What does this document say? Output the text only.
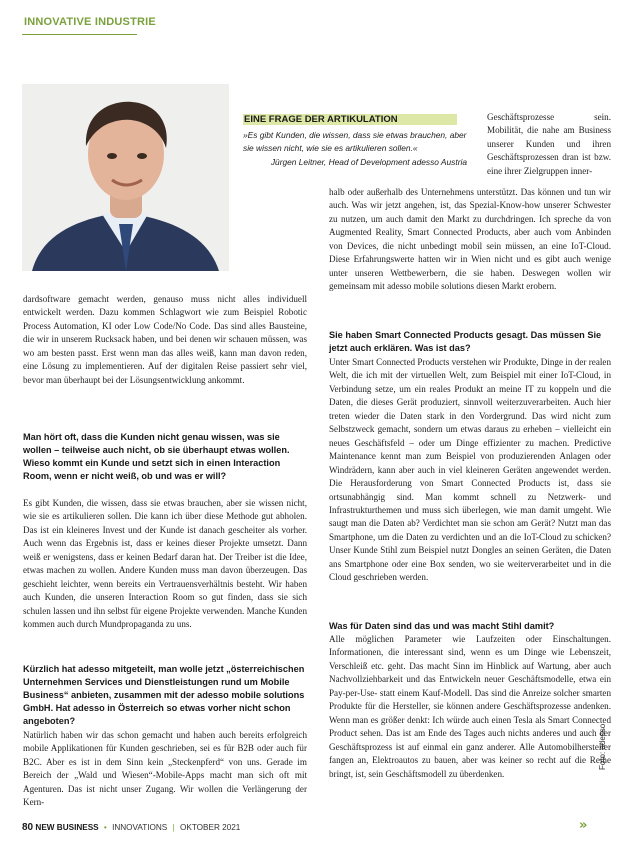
INNOVATIVE INDUSTRIE
EINE FRAGE DER ARTIKULATION
»Es gibt Kunden, die wissen, dass sie etwas brauchen, aber sie wissen nicht, wie sie es artikulieren sollen.«
Jürgen Leitner, Head of Development adesso Austria
Geschäftsprozesse sein. Mobilität, die nahe am Business unserer Kunden und ihren Geschäftsprozessen dran ist bzw. eine ihrer Zielgruppen inner-
halb oder außerhalb des Unternehmens unterstützt. Das können und tun wir auch. Was wir jetzt angehen, ist, das Spezial-Know-how unserer Schwester zu nutzen, um auch damit den Markt zu durchdringen. Ich spreche da von Augmented Reality, Smart Connected Products, aber auch vom Anbinden von Devices, die nicht unbedingt mobil sein müssen, an eine IoT-Cloud. Diese Erfahrungswerte hatten wir in Wien nicht und es gibt auch wenige unter unseren Wettbewerbern, die sie haben. Deswegen wollen wir gemeinsam mit adesso mobile solutions diesen Markt erobern.
dardsoftware gemacht werden, genauso muss nicht alles individuell entwickelt werden. Dazu kommen Schlagwort wie zum Beispiel Robotic Process Automation, KI oder Low Code/No Code. Das sind alles Bausteine, die wir in unserem Rucksack haben, und bei denen wir schauen müssen, was wo am besten passt. Erst wenn man das alles weiß, kann man davon reden, eine Lösung zu implementieren. Auf der digitalen Reise passiert sehr viel, bevor man überhaupt bei der Lösungsentwicklung ankommt.
Man hört oft, dass die Kunden nicht genau wissen, was sie wollen – teilweise auch nicht, ob sie überhaupt etwas wollen. Wieso kommt ein Kunde und setzt sich in einen Interaction Room, wenn er nicht weiß, ob und was er will?
Es gibt Kunden, die wissen, dass sie etwas brauchen, aber sie wissen nicht, wie sie es artikulieren sollen. Die kann ich über diese Methode gut abholen. Das ist ein kleineres Invest und der Kunde ist danach gescheiter als vorher. Auch wenn das Ergebnis ist, dass er keines dieser Projekte umsetzt. Dann weiß er wenigstens, dass er keinen Bedarf daran hat. Der Treiber ist die Idee, etwas machen zu wollen. Andere Kunden muss man davon überzeugen. Das geschieht leichter, wenn bereits ein Vertrauensverhältnis besteht. Wir haben auch Kunden, die unseren Interaction Room so gut finden, dass sie sich schulen lassen und ihn selbst für eigene Projekte verwenden. Manche Kunden kommen auch durch Mundpropaganda zu uns.
Kürzlich hat adesso mitgeteilt, man wolle jetzt „österreichischen Unternehmen Services und Dienstleistungen rund um Mobile Business“ anbieten, zusammen mit der adesso mobile solutions GmbH. Hat adesso in Österreich so etwas vorher nicht schon angeboten?
Natürlich haben wir das schon gemacht und haben auch bereits erfolgreich mobile Applikationen für Kunden geschrieben, sei es für B2B oder auch für B2C. Aber es ist in dem Sinn kein „Steckenpferd“ von uns. Gerade im Bereich der „Wald und Wiesen“-Mobile-Apps macht man sich oft mit Agenturen. Das ist nicht unser Zugang. Wir wollen die Verlängerung der Kern-
Sie haben Smart Connected Products gesagt. Das müssen Sie jetzt auch erklären. Was ist das?
Unter Smart Connected Products verstehen wir Produkte, Dinge in der realen Welt, die ich mit der virtuellen Welt, zum Beispiel mit einer IoT-Cloud, in Verbindung setze, um ein reales Produkt an meine IT zu koppeln und die Daten, die dieses Gerät produziert, sinnvoll weiterzuverarbeiten. Auch hier treten wieder die Daten stark in den Vordergrund. Das wird nicht zum Selbstzweck gemacht, sondern um etwas daraus zu erheben – vielleicht ein neues Geschäftsfeld – oder um Dinge effizienter zu machen. Predictive Maintenance kennt man zum Beispiel von produzierenden Anlagen oder Windrädern, kann aber auch in viel kleineren Geräten angewendet werden. Die Herausforderung von Smart Connected Products ist, dass sie ortsunabhängig sind. Man kommt schnell zu Netzwerk- und Infrastrukturthemen und muss sich überlegen, wie man damit umgeht. Wie saugt man die Daten ab? Verdichtet man sie schon am Gerät? Nutzt man das Smartphone, um die Daten zu verdichten und an die IoT-Cloud zu schicken? Unser Kunde Stihl zum Beispiel nutzt Dongles an seinen Geräten, die Daten ans Smartphone oder eine Box senden, wo sie weiterverarbeitet und in die Cloud geschrieben werden.
Was für Daten sind das und was macht Stihl damit?
Alle möglichen Parameter wie Laufzeiten oder Einschaltungen. Informationen, die interessant sind, wenn es um Dinge wie Lebenszeit, Verschleiß etc. geht. Das macht Sinn im Hinblick auf Wartung, aber auch Nachvollziehbarkeit und das Entwickeln neuer Geschäftsmodelle, etwa ein Pay-per-Use- statt einem Kauf-Modell. Das sind die Anreize solcher smarten Produkte für die Hersteller, sie können andere Geschäftsprozesse andenken. Wenn man es größer denkt: Ich würde auch einen Tesla als Smart Connected Product sehen. Das ist am Ende des Tages auch nichts anderes und auch der Geschäftsprozess ist auf einmal ein ganz anderer. Alle Automobilhersteller fangen an, Elektroautos zu bauen, aber was keiner so recht auf die Reihe bringt, ist, sein Geschäftsmodell zu überdenken.
»
Foto: adesso
80 NEW BUSINESS • INNOVATIONS | OKTOBER 2021
